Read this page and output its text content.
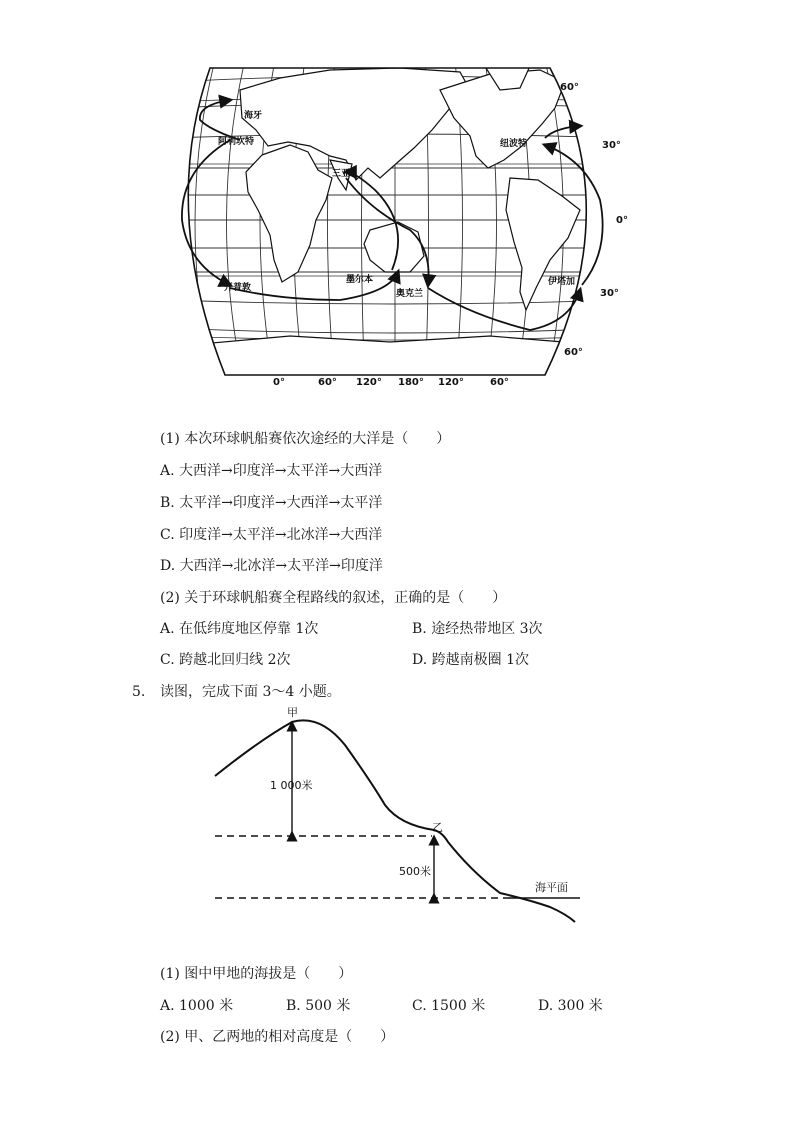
海牙
阿利坎特
开普敦
墨尔本
奥克兰
伊塔加
纽波特
三亚
60°
30°
0°
30°
60°
0°	60° 120° 180° 120°	60°
(1) 本次环球帆船赛依次途经的大洋是（　　）
A. 大西洋→印度洋→太平洋→大西洋
B. 太平洋→印度洋→大西洋→太平洋
C. 印度洋→太平洋→北冰洋→大西洋
D. 大西洋→北冰洋→太平洋→印度洋
(2) 关于环球帆船赛全程路线的叙述，正确的是（　　）
A. 在低纬度地区停靠 1次	B. 途经热带地区 3次
C. 跨越北回归线 2次	D. 跨越南极圈 1次
5. 读图，完成下面 3～4 小题。
甲
乙
1 000米
500米
海平面
(1) 图中甲地的海拔是（　　）
A. 1000 米	B. 500 米	C. 1500 米	D. 300 米
(2) 甲、乙两地的相对高度是（　　）
